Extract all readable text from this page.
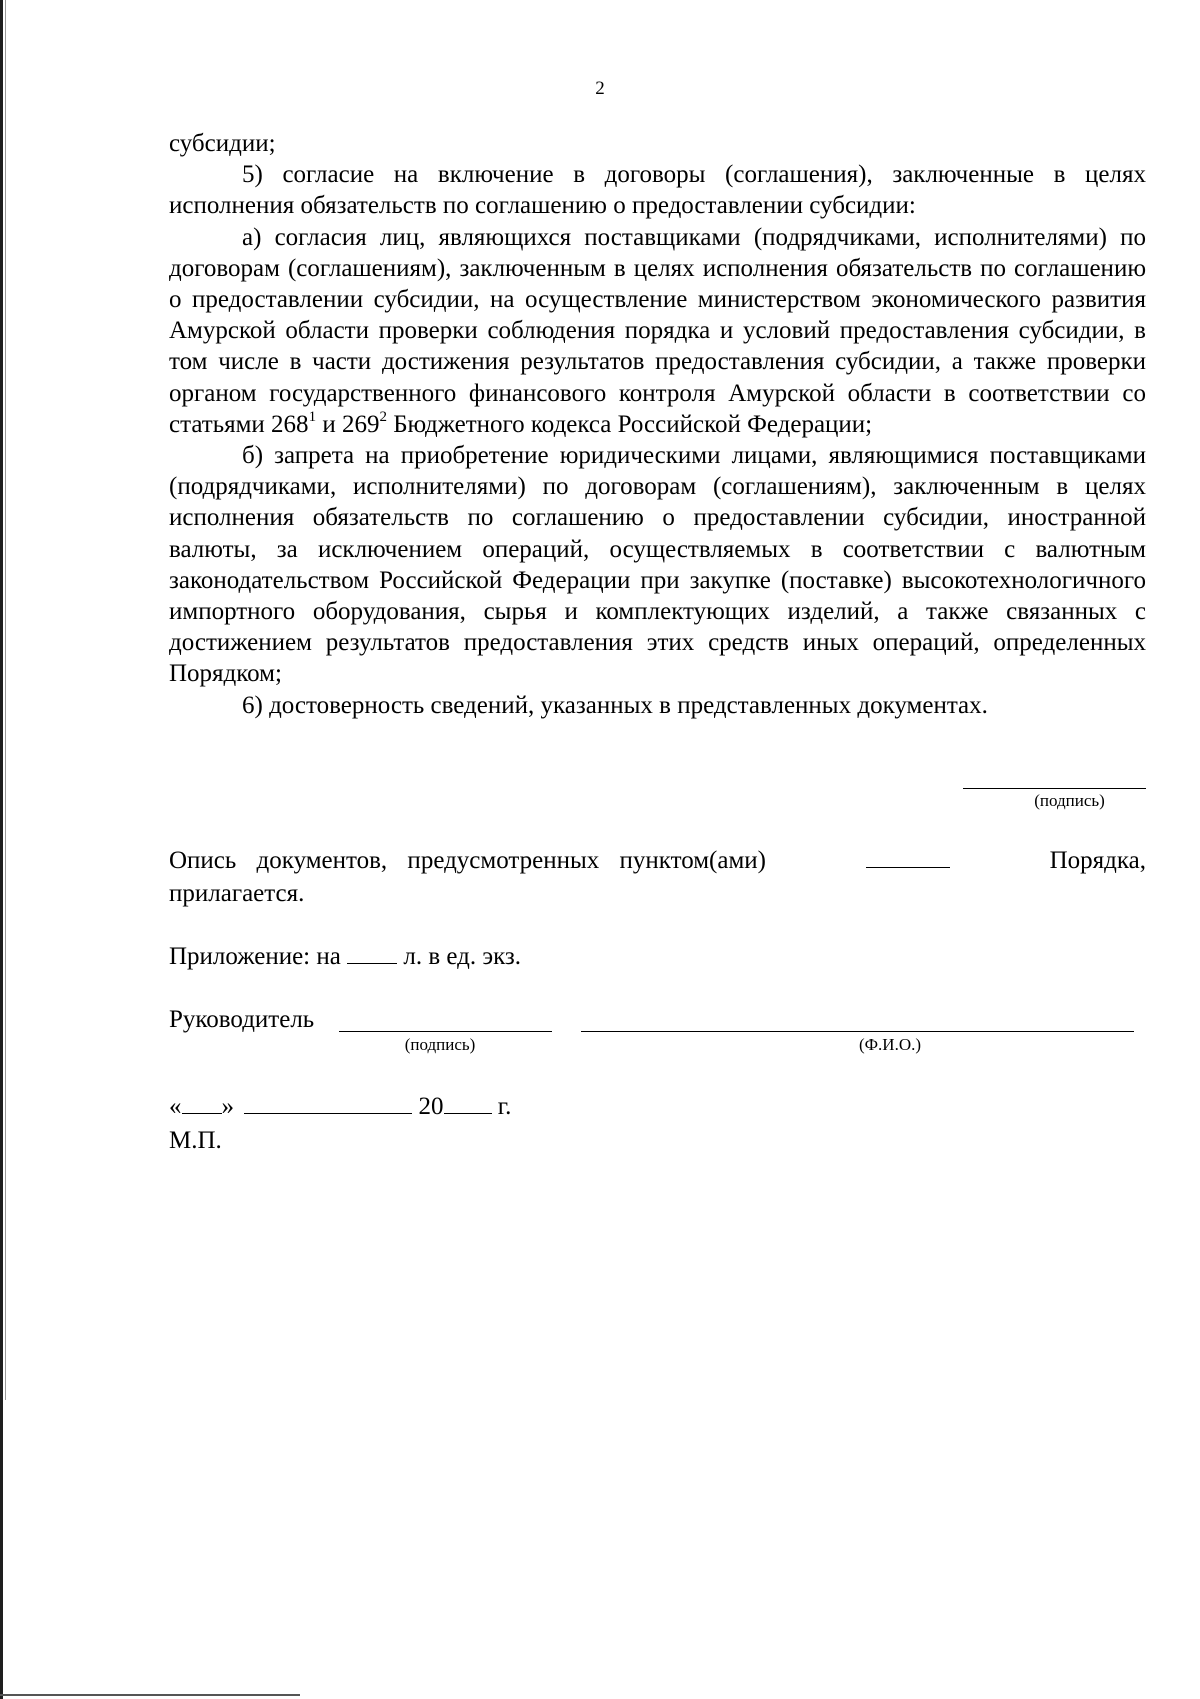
2

субсидии;

5) согласие на включение в договоры (соглашения), заключенные в целях исполнения обязательств по соглашению о предоставлении субсидии:

а) согласия лиц, являющихся поставщиками (подрядчиками, исполнителями) по договорам (соглашениям), заключенным в целях исполнения обязательств по соглашению о предоставлении субсидии, на осуществление министерством экономического развития Амурской области проверки соблюдения порядка и условий предоставления субсидии, в том числе в части достижения результатов предоставления субсидии, а также проверки органом государственного финансового контроля Амурской области в соответствии со статьями $268^1$ и $269^2$ Бюджетного кодекса Российской Федерации;

б) запрета на приобретение юридическими лицами, являющимися поставщиками (подрядчиками, исполнителями) по договорам (соглашениям), заключенным в целях исполнения обязательств по соглашению о предоставлении субсидии, иностранной валюты, за исключением операций, осуществляемых в соответствии с валютным законодательством Российской Федерации при закупке (поставке) высокотехнологичного импортного оборудования, сырья и комплектующих изделий, а также связанных с достижением результатов предоставления этих средств иных операций, определенных Порядком;

6) достоверность сведений, указанных в представленных документах.

(подпись)
Опись документов, предусмотренных пунктом(ами)	Порядка,
прилагается.
Приложение: на	л. в ед. экз.
Руководитель
(подпись)	(Ф.И.О.)
« »	20 г.
М.П.
